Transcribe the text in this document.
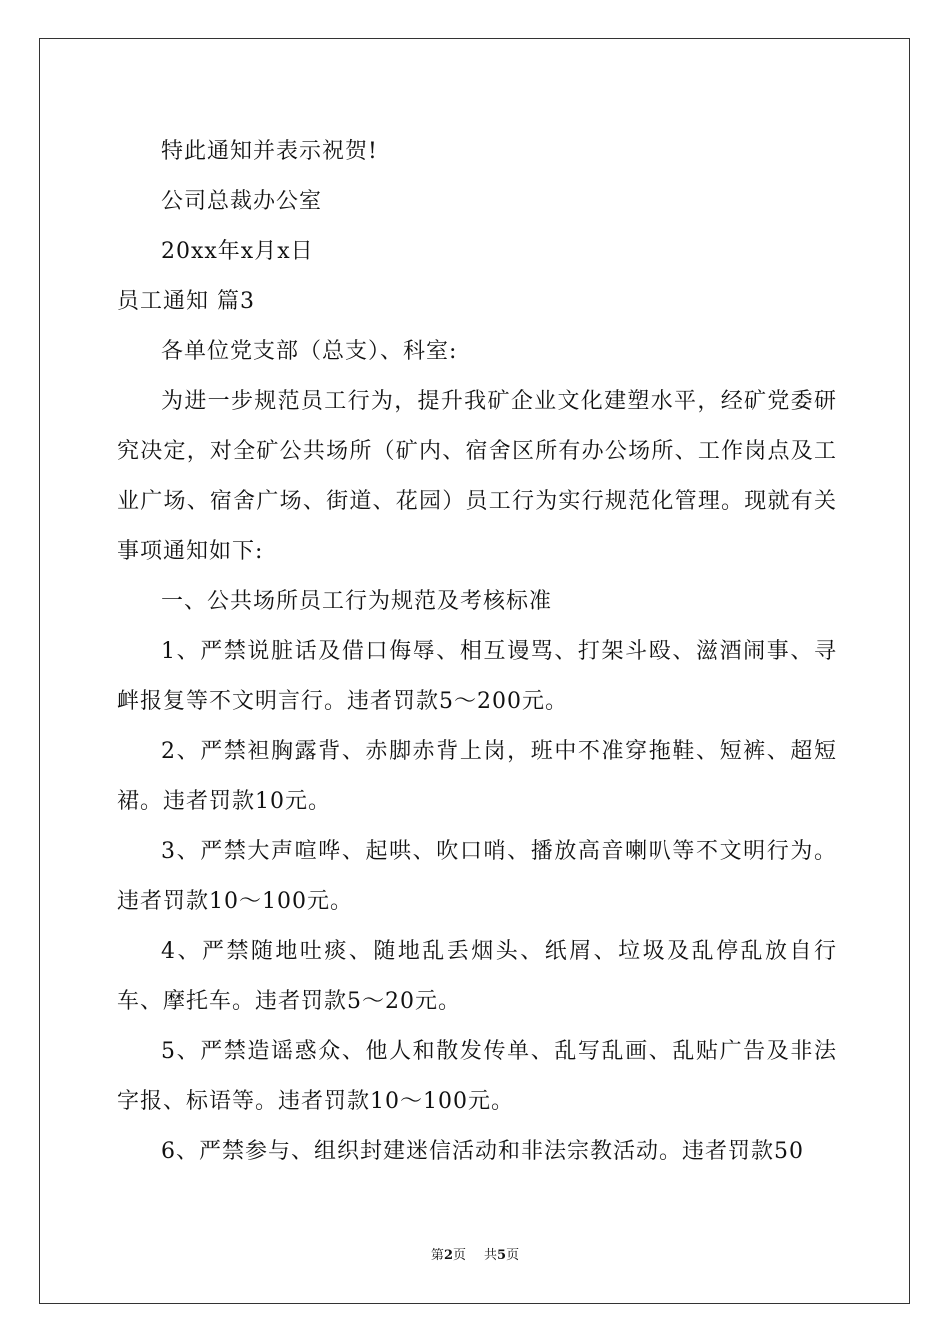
特此通知并表示祝贺!

公司总裁办公室

20xx年x月x日

员工通知 篇3

各单位党支部（总支）、科室:

为进一步规范员工行为，提升我矿企业文化建塑水平，经矿党委研究决定，对全矿公共场所（矿内、宿舍区所有办公场所、工作岗点及工业广场、宿舍广场、街道、花园）员工行为实行规范化管理。现就有关事项通知如下:

一、公共场所员工行为规范及考核标准

1、严禁说脏话及借口侮辱、相互谩骂、打架斗殴、滋酒闹事、寻衅报复等不文明言行。违者罚款5～200元。

2、严禁袒胸露背、赤脚赤背上岗，班中不准穿拖鞋、短裤、超短裙。违者罚款10元。

3、严禁大声喧哗、起哄、吹口哨、播放高音喇叭等不文明行为。违者罚款10～100元。

4、严禁随地吐痰、随地乱丢烟头、纸屑、垃圾及乱停乱放自行车、摩托车。违者罚款5～20元。

5、严禁造谣惑众、他人和散发传单、乱写乱画、乱贴广告及非法字报、标语等。违者罚款10～100元。

6、严禁参与、组织封建迷信活动和非法宗教活动。违者罚款50

第2页 共5页
